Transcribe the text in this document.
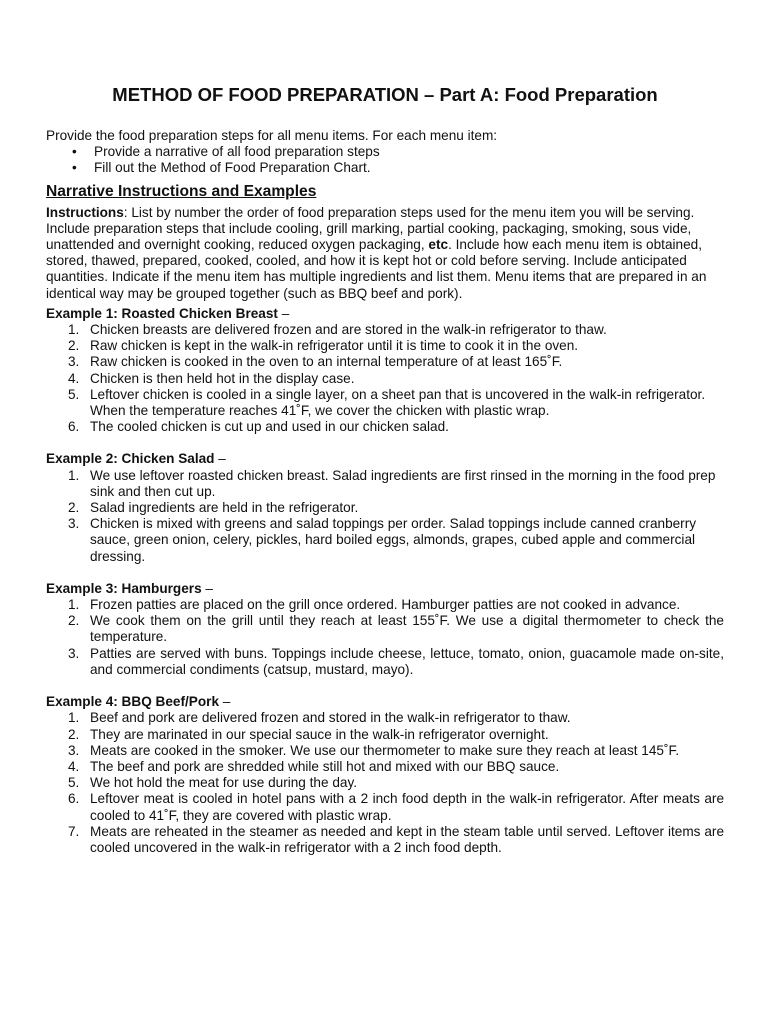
METHOD OF FOOD PREPARATION – Part A: Food Preparation

Provide the food preparation steps for all menu items. For each menu item:

• Provide a narrative of all food preparation steps
• Fill out the Method of Food Preparation Chart.
Narrative Instructions and Examples

Instructions: List by number the order of food preparation steps used for the menu item you will be serving. Include preparation steps that include cooling, grill marking, partial cooking, packaging, smoking, sous vide, unattended and overnight cooking, reduced oxygen packaging, etc. Include how each menu item is obtained, stored, thawed, prepared, cooked, cooled, and how it is kept hot or cold before serving. Include anticipated quantities. Indicate if the menu item has multiple ingredients and list them. Menu items that are prepared in an identical way may be grouped together (such as BBQ beef and pork).

Example 1: Roasted Chicken Breast –

1. Chicken breasts are delivered frozen and are stored in the walk-in refrigerator to thaw.
2. Raw chicken is kept in the walk-in refrigerator until it is time to cook it in the oven.
3. Raw chicken is cooked in the oven to an internal temperature of at least 165˚F.
4. Chicken is then held hot in the display case.
5. Leftover chicken is cooled in a single layer, on a sheet pan that is uncovered in the walk-in refrigerator. When the temperature reaches 41˚F, we cover the chicken with plastic wrap.
6. The cooled chicken is cut up and used in our chicken salad.

Example 2: Chicken Salad –

1. We use leftover roasted chicken breast. Salad ingredients are first rinsed in the morning in the food prep sink and then cut up.
2. Salad ingredients are held in the refrigerator.
3. Chicken is mixed with greens and salad toppings per order. Salad toppings include canned cranberry sauce, green onion, celery, pickles, hard boiled eggs, almonds, grapes, cubed apple and commercial dressing.

Example 3: Hamburgers –

1. Frozen patties are placed on the grill once ordered. Hamburger patties are not cooked in advance.
2. We cook them on the grill until they reach at least 155˚F. We use a digital thermometer to check the temperature.
3. Patties are served with buns. Toppings include cheese, lettuce, tomato, onion, guacamole made on-site, and commercial condiments (catsup, mustard, mayo).

Example 4: BBQ Beef/Pork –

1. Beef and pork are delivered frozen and stored in the walk-in refrigerator to thaw.
2. They are marinated in our special sauce in the walk-in refrigerator overnight.
3. Meats are cooked in the smoker. We use our thermometer to make sure they reach at least 145˚F.
4. The beef and pork are shredded while still hot and mixed with our BBQ sauce.
5. We hot hold the meat for use during the day.
6. Leftover meat is cooled in hotel pans with a 2 inch food depth in the walk-in refrigerator. After meats are cooled to 41˚F, they are covered with plastic wrap.
7. Meats are reheated in the steamer as needed and kept in the steam table until served. Leftover items are cooled uncovered in the walk-in refrigerator with a 2 inch food depth.
